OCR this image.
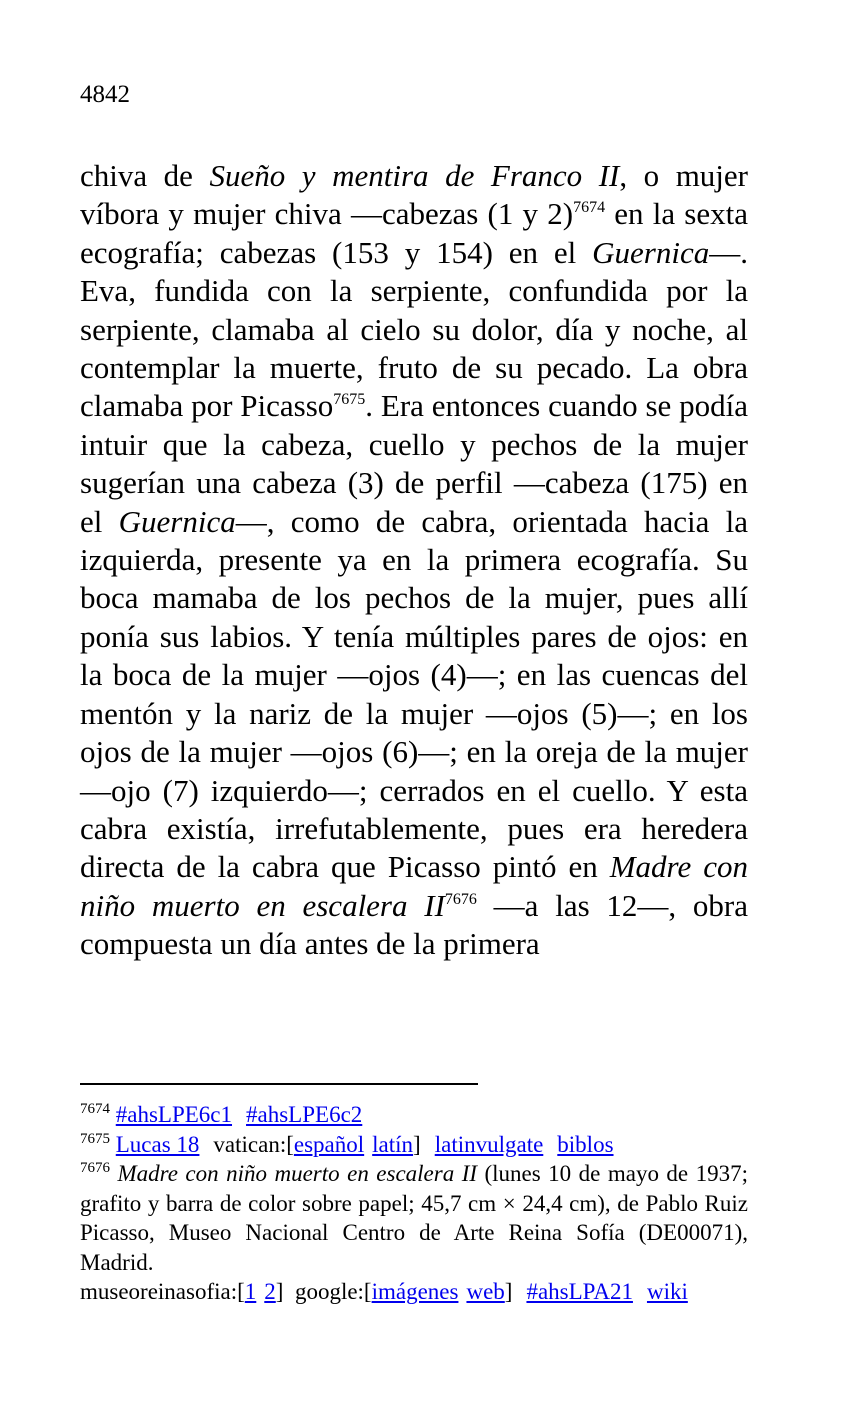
4842
chiva de Sueño y mentira de Franco II, o mujer víbora y mujer chiva —cabezas (1 y 2)$^{7674}$ en la sexta ecografía; cabezas (153 y 154) en el Guernica—. Eva, fundida con la serpiente, confundida por la serpiente, clamaba al cielo su dolor, día y noche, al contemplar la muerte, fruto de su pecado. La obra clamaba por Picasso$^{7675}$. Era entonces cuando se podía intuir que la cabeza, cuello y pechos de la mujer sugerían una cabeza (3) de perfil —cabeza (175) en el Guernica—, como de cabra, orientada hacia la izquierda, presente ya en la primera ecografía. Su boca mamaba de los pechos de la mujer, pues allí ponía sus labios. Y tenía múltiples pares de ojos: en la boca de la mujer —ojos (4)—; en las cuencas del mentón y la nariz de la mujer —ojos (5)—; en los ojos de la mujer —ojos (6)—; en la oreja de la mujer —ojo (7) izquierdo—; cerrados en el cuello. Y esta cabra existía, irrefutablemente, pues era heredera directa de la cabra que Picasso pintó en Madre con niño muerto en escalera II$^{7676}$ —a las 12—, obra compuesta un día antes de la primera

$^{7674}$ #ahsLPE6c1 #ahsLPE6c2

$^{7675}$ Lucas 18 vatican:[español latín] latinvulgate biblos

$^{7676}$ Madre con niño muerto en escalera II (lunes 10 de mayo de 1937; grafito y barra de color sobre papel; 45,7 cm × 24,4 cm), de Pablo Ruiz Picasso, Museo Nacional Centro de Arte Reina Sofía (DE00071), Madrid.

museoreinasofia:[1 2]  google:[imágenes web] #ahsLPA21 wiki
